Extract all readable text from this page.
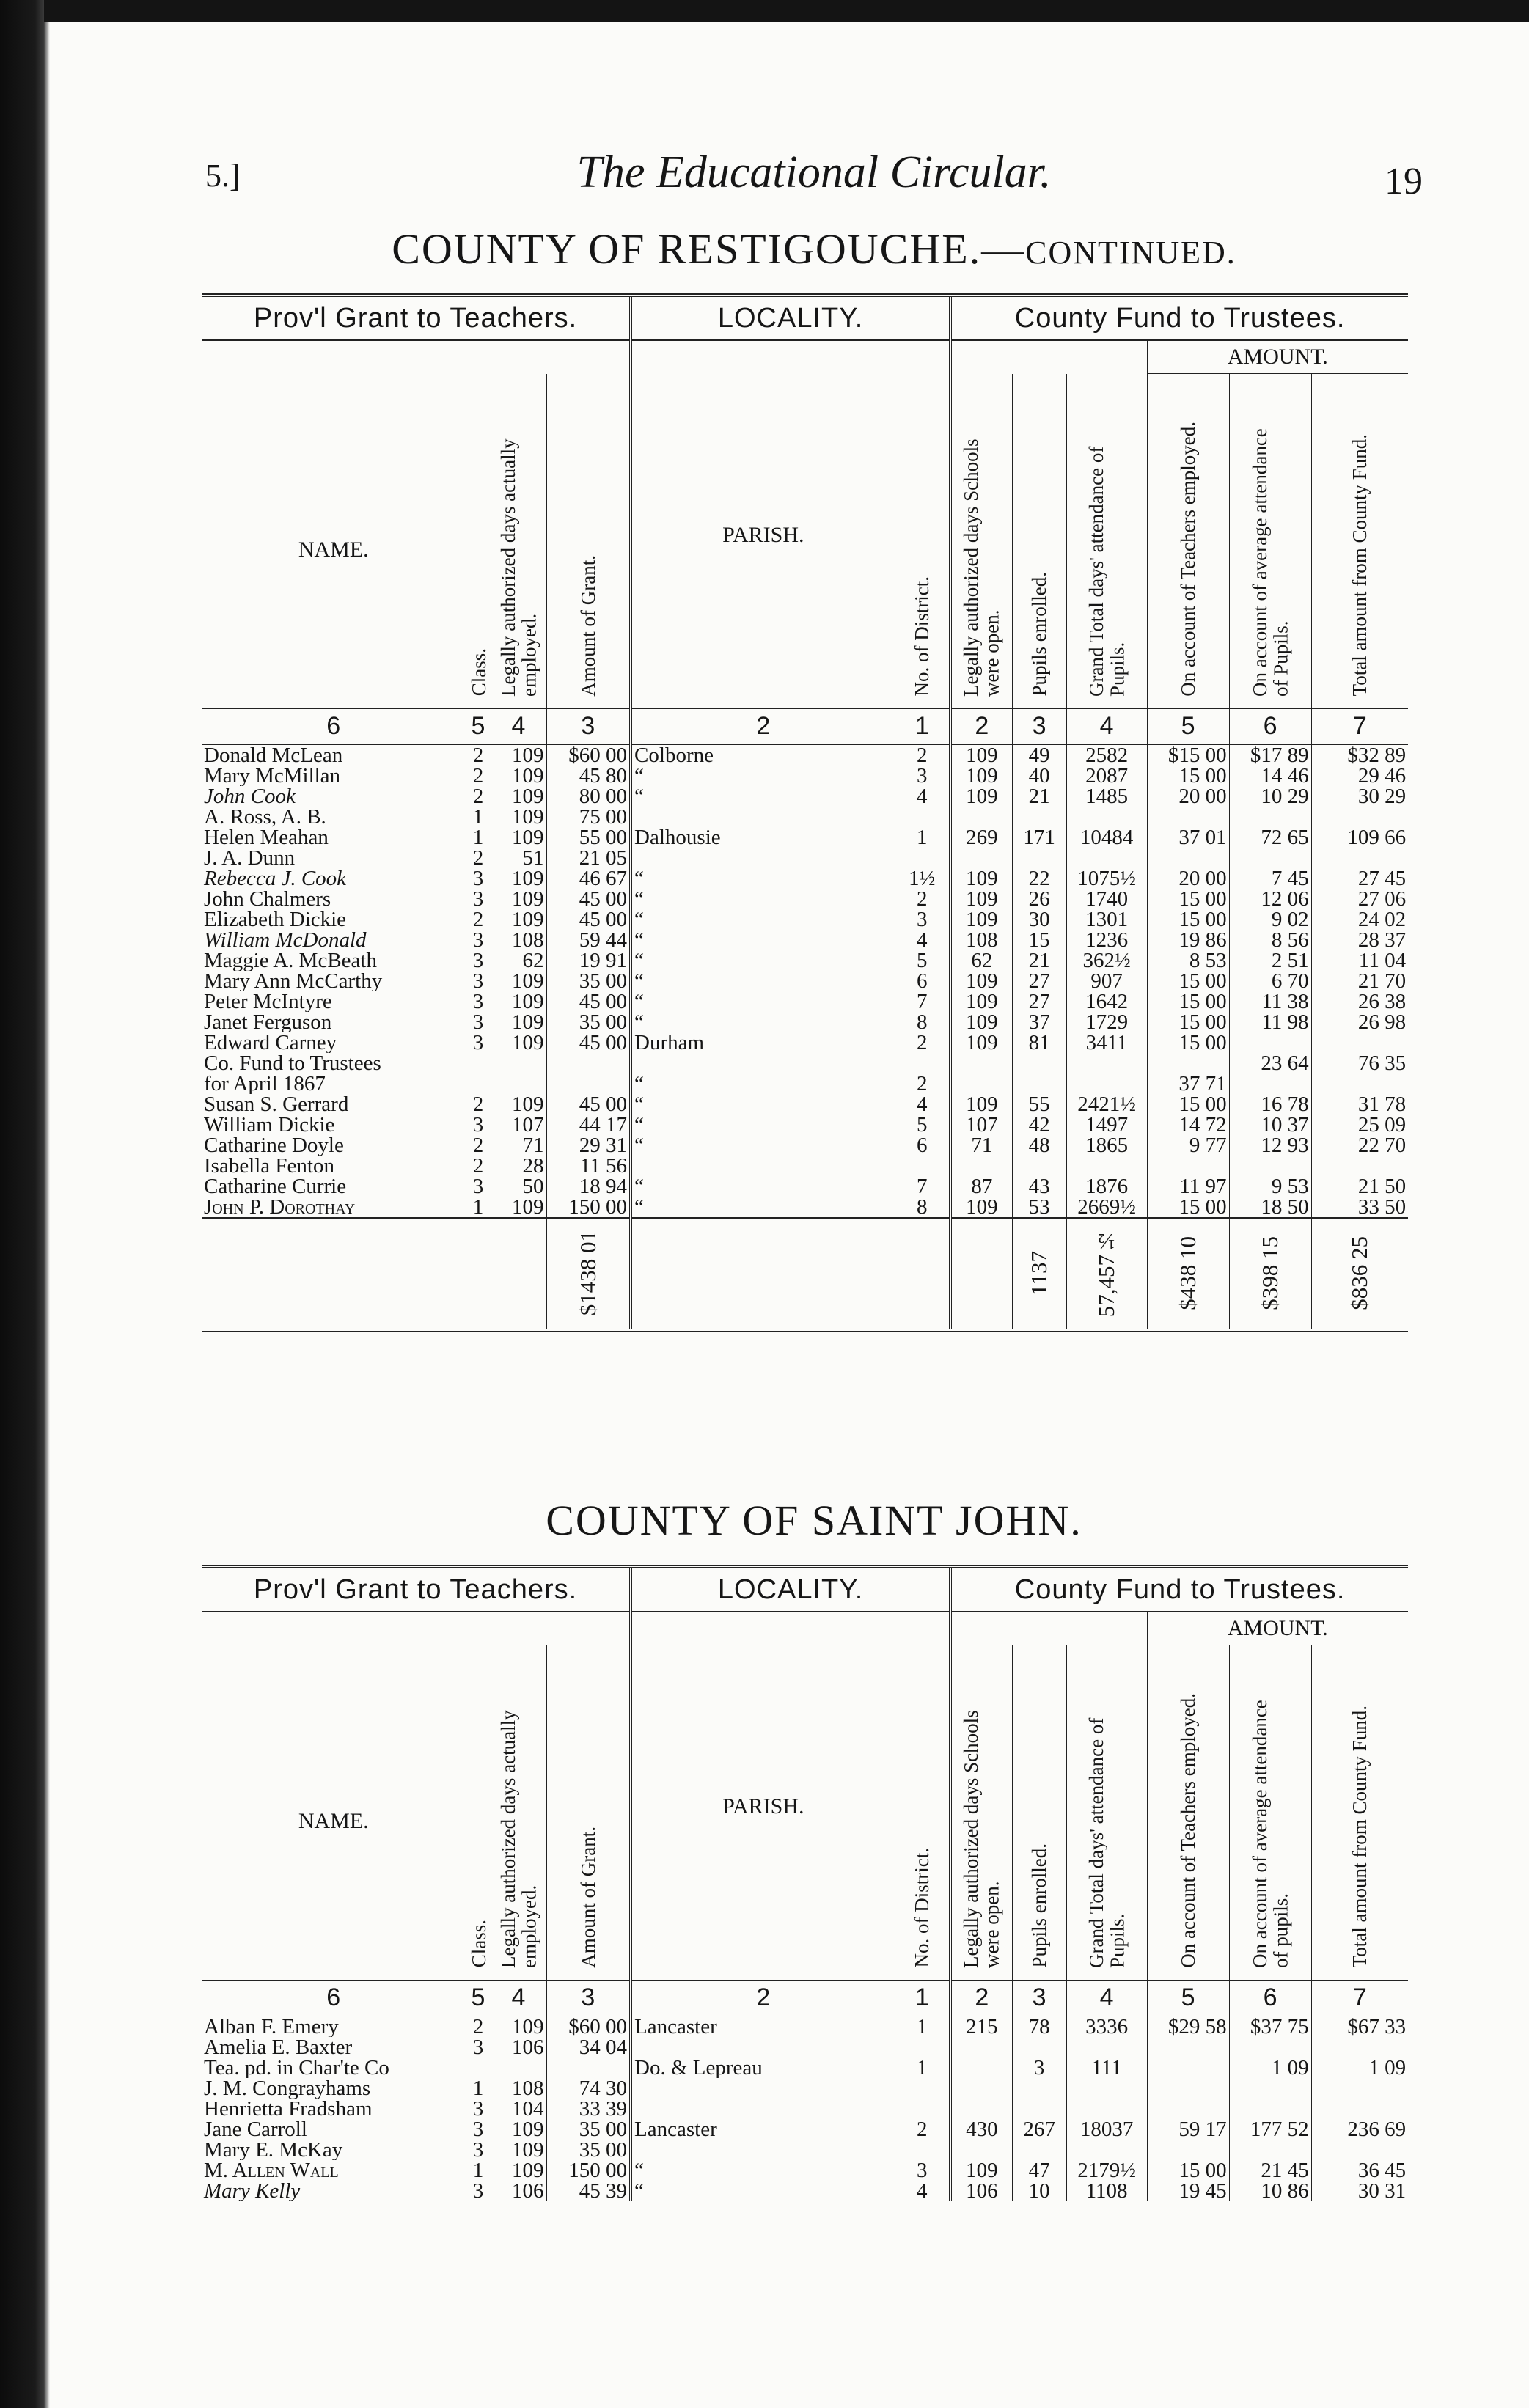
5.]	The Educational Circular.	19
COUNTY OF RESTIGOUCHE.—CONTINUED.
Prov'l Grant to Teachers.				LOCALITY.		County Fund to Trustees.					
									AMOUNT.		
NAME.	Class.	Legally authorized days actually employed.	Amount of Grant.	PARISH.	No. of District.	Legally authorized days Schools were open.	Pupils enrolled.	Grand Total days' attendance of Pupils.	On account of Teachers employed.	On account of average attendance of Pupils.	Total amount from County Fund.

6	5	4	3	2	1	2	3	4	5	6	7
Donald McLean	2	109	$60 00	Colborne	2	109	49	2582	$15 00	$17 89	$32 89
Mary McMillan	2	109	45 80	“	3	109	40	2087	15 00	14 46	29 46
John Cook	2	109	80 00	“	4	109	21	1485	20 00	10 29	30 29
A. Ross, A. B.	1	109	75 00								
Helen Meahan	1	109	55 00	Dalhousie	1	269	171	10484	37 01	72 65	109 66
J. A. Dunn	2	51	21 05								
Rebecca J. Cook	3	109	46 67	“	1½	109	22	1075½	20 00	7 45	27 45
John Chalmers	3	109	45 00	“	2	109	26	1740	15 00	12 06	27 06
Elizabeth Dickie	2	109	45 00	“	3	109	30	1301	15 00	9 02	24 02
William McDonald	3	108	59 44	“	4	108	15	1236	19 86	8 56	28 37
Maggie A. McBeath	3	62	19 91	“	5	62	21	362½	8 53	2 51	11 04
Mary Ann McCarthy	3	109	35 00	“	6	109	27	907	15 00	6 70	21 70
Peter McIntyre	3	109	45 00	“	7	109	27	1642	15 00	11 38	26 38
Janet Ferguson	3	109	35 00	“	8	109	37	1729	15 00	11 98	26 98
Edward Carney	3	109	45 00	Durham	2	109	81	3411	15 00		
Co. Fund to Trustees										23 64	76 35
for April 1867				“	2				37 71		
Susan S. Gerrard	2	109	45 00	“	4	109	55	2421½	15 00	16 78	31 78
William Dickie	3	107	44 17	“	5	107	42	1497	14 72	10 37	25 09
Catharine Doyle	2	71	29 31	“	6	71	48	1865	9 77	12 93	22 70
Isabella Fenton	2	28	11 56								
Catharine Currie	3	50	18 94	“	7	87	43	1876	11 97	9 53	21 50
John P. Dorothay	1	109	150 00	“	8	109	53	2669½	15 00	18 50	33 50

			$1438 01				1137	57,457½	$438 10	$398 15	$836 25
COUNTY OF SAINT JOHN.
Prov'l Grant to Teachers.				LOCALITY.		County Fund to Trustees.					
									AMOUNT.		
NAME.	Class.	Legally authorized days actually employed.	Amount of Grant.	PARISH.	No. of District.	Legally authorized days Schools were open.	Pupils enrolled.	Grand Total days' attendance of Pupils.	On account of Teachers employed.	On account of average attendance of pupils.	Total amount from County Fund.

6	5	4	3	2	1	2	3	4	5	6	7
Alban F. Emery	2	109	$60 00	Lancaster	1	215	78	3336	$29 58	$37 75	$67 33
Amelia E. Baxter	3	106	34 04								
Tea. pd. in Char'te Co				Do. & Lepreau	1		3	111		1 09	1 09
J. M. Congrayhams	1	108	74 30								
Henrietta Fradsham	3	104	33 39								
Jane Carroll	3	109	35 00	Lancaster	2	430	267	18037	59 17	177 52	236 69
Mary E. McKay	3	109	35 00								
M. Allen Wall	1	109	150 00	“	3	109	47	2179½	15 00	21 45	36 45
Mary Kelly	3	106	45 39	“	4	106	10	1108	19 45	10 86	30 31
